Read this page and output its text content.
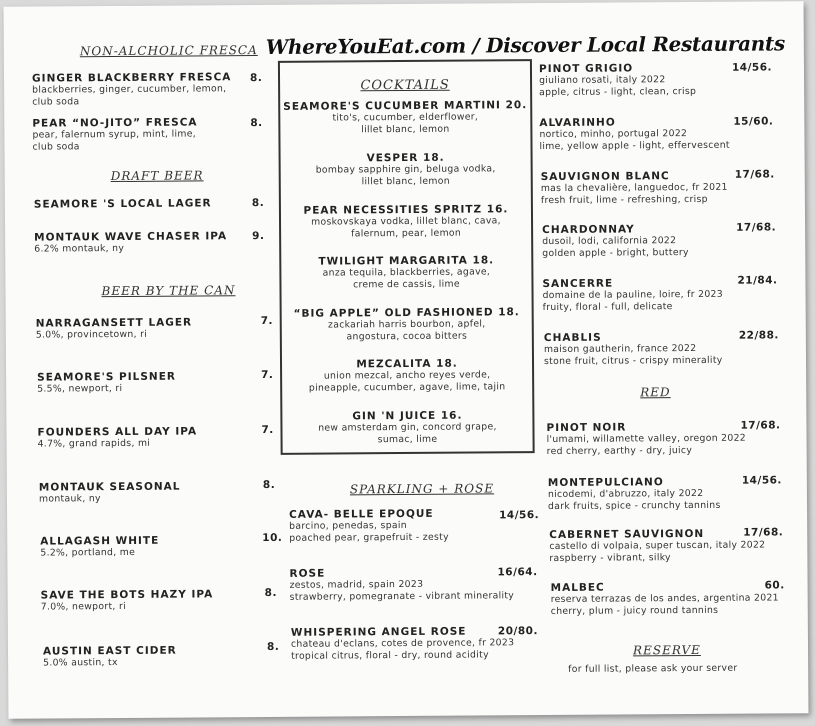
WhereYouEat.com / Discover Local Restaurants
NON-ALCHOLIC FRESCA
GINGER BLACKBERRY FRESCA
blackberries, ginger, cucumber, lemon,
club soda
8.
PEAR “NO-JITO” FRESCA
pear, falernum syrup, mint, lime,
club soda
8.
DRAFT BEER
SEAMORE 'S LOCAL LAGER	8.
MONTAUK WAVE CHASER IPA
6.2% montauk, ny
9.
BEER BY THE CAN
NARRAGANSETT LAGER
5.0%, provincetown, ri
7.
SEAMORE'S PILSNER
5.5%, newport, ri
7.
FOUNDERS ALL DAY IPA
4.7%, grand rapids, mi
7.
MONTAUK SEASONAL
montauk, ny
8.
ALLAGASH WHITE
5.2%, portland, me
10.
SAVE THE BOTS HAZY IPA
7.0%, newport, ri
8.
AUSTIN EAST CIDER
5.0% austin, tx
8.
COCKTAILS
SEAMORE'S CUCUMBER MARTINI 20.
tito's, cucumber, elderflower,
lillet blanc, lemon
VESPER 18.
bombay sapphire gin, beluga vodka,
lillet blanc, lemon
PEAR NECESSITIES SPRITZ 16.
moskovskaya vodka, lillet blanc, cava,
falernum, pear, lemon
TWILIGHT MARGARITA 18.
anza tequila, blackberries, agave,
creme de cassis, lime
“BIG APPLE” OLD FASHIONED 18.
zackariah harris bourbon, apfel,
angostura, cocoa bitters
MEZCALITA 18.
union mezcal, ancho reyes verde,
pineapple, cucumber, agave, lime, tajin
GIN 'N JUICE 16.
new amsterdam gin, concord grape,
sumac, lime
SPARKLING + ROSE
CAVA- BELLE EPOQUE
barcino, penedas, spain
poached pear, grapefruit - zesty
14/56.
ROSE
zestos, madrid, spain 2023
strawberry, pomegranate - vibrant minerality
16/64.
WHISPERING ANGEL ROSE
chateau d'eclans, cotes de provence, fr 2023
tropical citrus, floral - dry, round acidity
20/80.
PINOT GRIGIO
giuliano rosati, italy 2022
apple, citrus - light, clean, crisp
14/56.
ALVARINHO
nortico, minho, portugal 2022
lime, yellow apple - light, effervescent
15/60.
SAUVIGNON BLANC
mas la chevalière, languedoc, fr 2021
fresh fruit, lime - refreshing, crisp
17/68.
CHARDONNAY
dusoil, lodi, california 2022
golden apple - bright, buttery
17/68.
SANCERRE
domaine de la pauline, loire, fr 2023
fruity, floral - full, delicate
21/84.
CHABLIS
maison gautherin, france 2022
stone fruit, citrus - crispy minerality
22/88.
RED
PINOT NOIR
l'umami, willamette valley, oregon 2022
red cherry, earthy - dry, juicy
17/68.
MONTEPULCIANO
nicodemi, d'abruzzo, italy 2022
dark fruits, spice - crunchy tannins
14/56.
CABERNET SAUVIGNON
castello di volpaia, super tuscan, italy 2022
raspberry - vibrant, silky
17/68.
MALBEC
reserva terrazas de los andes, argentina 2021
cherry, plum - juicy round tannins
60.
RESERVE
for full list, please ask your server
